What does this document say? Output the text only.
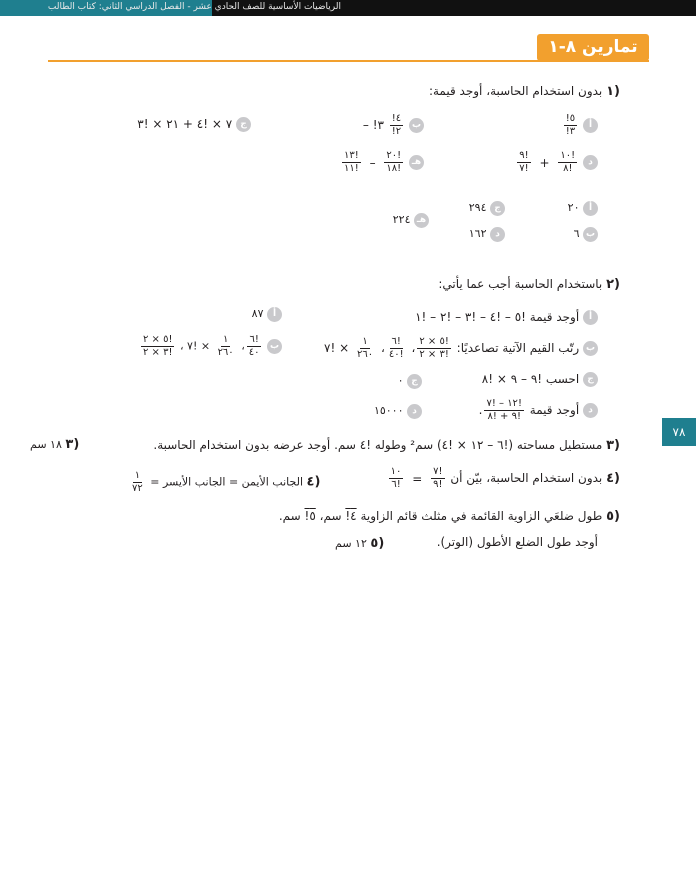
الرياضيات الأساسية للصف الحادي عشر - الفصل الدراسي الثاني: كتاب الطالب
تمارين ٨-١
٧٨
(١ بدون استخدام الحاسبة، أوجد قيمة:
أ
$\frac{!٥}{!٣}$
ب – !٣ $\frac{!٤}{!٢}$
ج ٧ × !٤ + ٢١ × !٣
د
$\frac{!١٠}{!٨}$
+
$\frac{!٩}{!٧}$
هـ
$\frac{!٢٠}{!١٨}$
–
$\frac{!١٣}{!١١}$
أ ٢٠
ب ٦
ج ٢٩٤
د ١٦٢
هـ ٢٢٤
(٢ باستخدام الحاسبة أجب عما يأتي:
أ أوجد قيمة !٥ – !٤ – !٣ – !٢ – !١
ب رتّب القيم الآتية تصاعديًا:
$\frac{!٥ \times ٢}{!٣ \times ٢}$
،
$\frac{!٦}{!٤٠}$
،
$\frac{١}{٢٦٠}$
× !٧
ج احسب !٩ – ٩ × !٨
د أوجد قيمة
$\frac{!١٢ - !٧}{!٩ + !٨}$
.
أ ٨٧
ب
$\frac{!٦}{٤٠}$
،
$\frac{١}{٢٦٠}$
× !٧ ،
$\frac{!٥ \times ٢}{!٣ \times ٢}$
ج ٠
د ١٥٠٠٠
(٣ مستطيل مساحته (!٦ – ١٢ × !٤) سم² وطوله !٤ سم. أوجد عرضه بدون استخدام الحاسبة.
(٣ ١٨ سم
(٤ بدون استخدام الحاسبة، بيّن أن
$\frac{!٧}{!٩}$
=
$\frac{١٠}{!٦}$
(٤ الجانب الأيمن = الجانب الأيسر =
$\frac{١}{٧٢}$
(٥ طول ضلعَي الزاوية القائمة في مثلث قائم الزاوية !٤ سم، !٥ سم.
أوجد طول الضلع الأطول (الوتر).
(٥ ١٢ سم
